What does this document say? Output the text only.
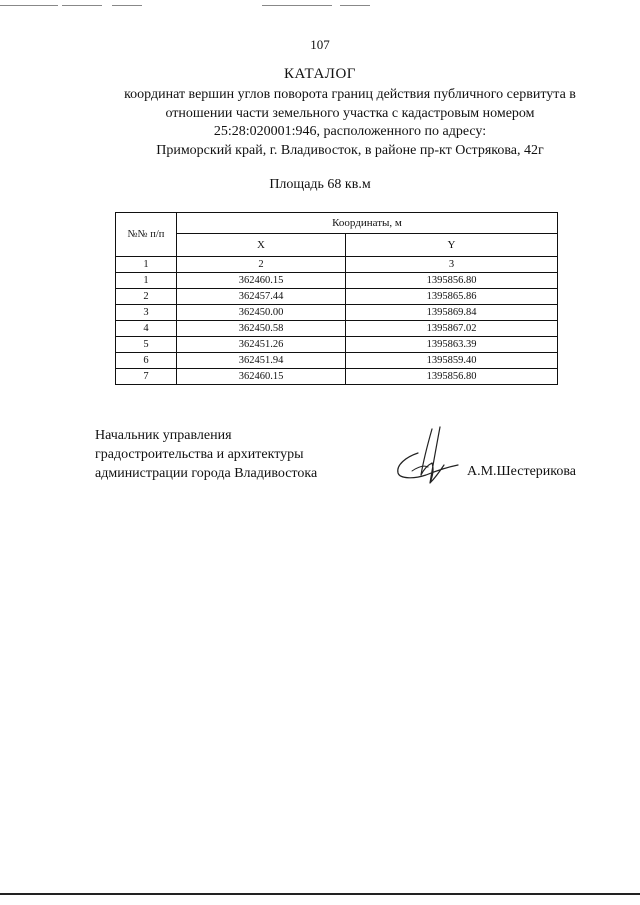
107
КАТАЛОГ
координат вершин углов поворота границ действия публичного сервитута в
отношении части земельного участка с кадастровым номером
25:28:020001:946, расположенного по адресу:
Приморский край, г. Владивосток, в районе пр-кт Острякова, 42г
Площадь 68 кв.м
№№ п/п	Координаты, м	
	X	Y
1	2	3
1	362460.15	1395856.80
2	362457.44	1395865.86
3	362450.00	1395869.84
4	362450.58	1395867.02
5	362451.26	1395863.39
6	362451.94	1395859.40
7	362460.15	1395856.80
Начальник управления
градостроительства и архитектуры
администрации города Владивостока	А.М.Шестерикова
